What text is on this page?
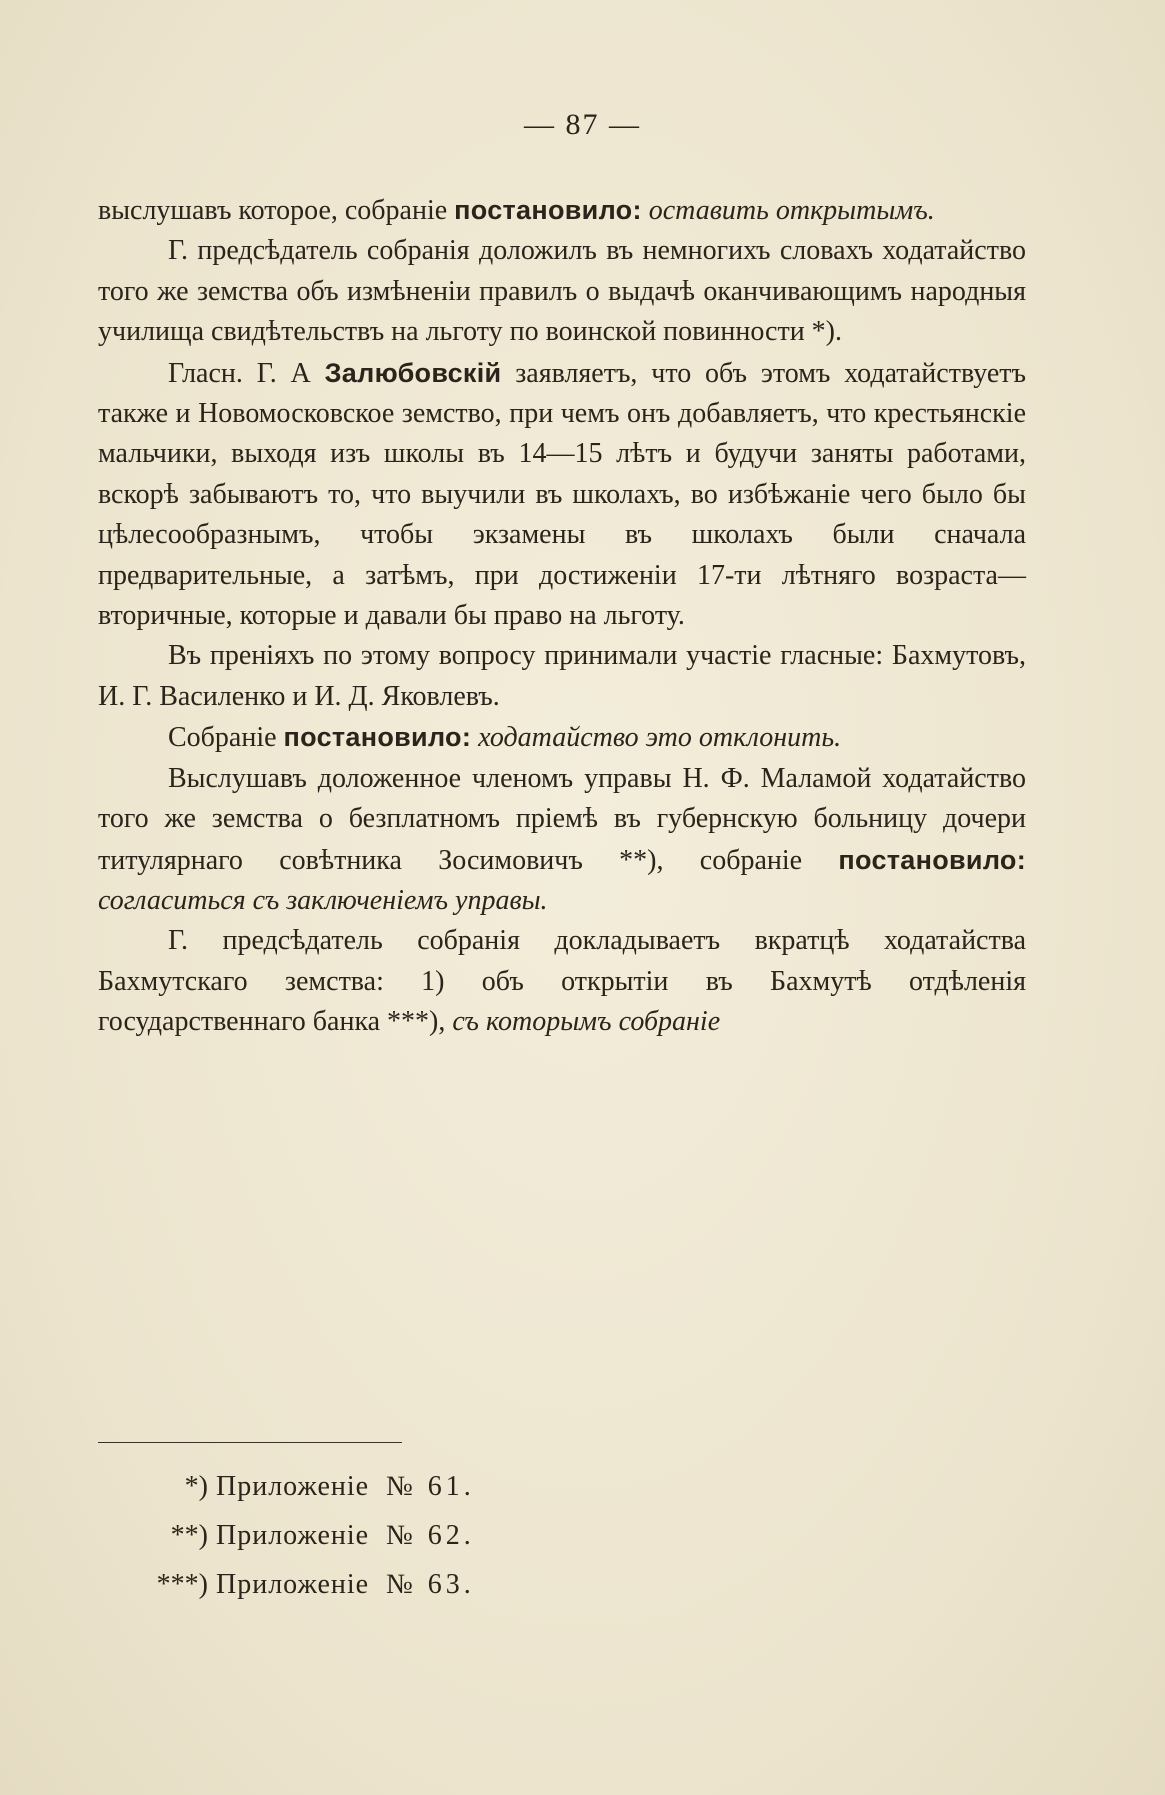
— 87 —

выслушавъ которое, собраніе постановило: оставить открытымъ.

Г. предсѣдатель собранія доложилъ въ немногихъ словахъ ходатайство того же земства объ измѣненіи правилъ о выдачѣ оканчивающимъ народныя училища свидѣтельствъ на льготу по воинской повинности *).

Гласн. Г. А Залюбовскій заявляетъ, что объ этомъ ходатайствуетъ также и Новомосковское земство, при чемъ онъ добавляетъ, что крестьянскіе мальчики, выходя изъ школы въ 14—15 лѣтъ и будучи заняты работами, вскорѣ забываютъ то, что выучили въ школахъ, во избѣжаніе чего было бы цѣлесообразнымъ, чтобы экзамены въ школахъ были сначала предварительные, а затѣмъ, при достиженіи 17-ти лѣтняго возраста—вторичные, которые и давали бы право на льготу.

Въ преніяхъ по этому вопросу принимали участіе гласные: Бахмутовъ, И. Г. Василенко и И. Д. Яковлевъ.

Собраніе постановило: ходатайство это отклонить.

Выслушавъ доложенное членомъ управы Н. Ф. Маламой ходатайство того же земства о безплатномъ пріемѣ въ губернскую больницу дочери титулярнаго совѣтника Зосимовичъ **), собраніе постановило: согласиться съ заключеніемъ управы.

Г. предсѣдатель собранія докладываетъ вкратцѣ ходатайства Бахмутскаго земства: 1) объ открытіи въ Бахмутѣ отдѣленія государственнаго банка ***), съ которымъ собраніе

*) Приложеніе № 61.
**) Приложеніе № 62.
***) Приложеніе № 63.
